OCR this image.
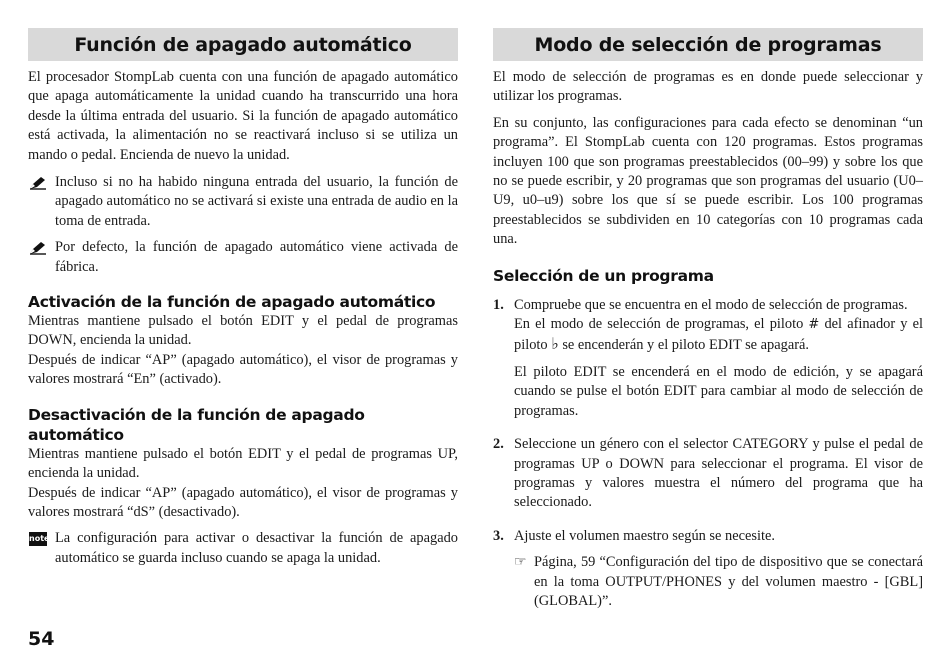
Función de apagado automático

El procesador StompLab cuenta con una función de apagado automático que apaga automáticamente la unidad cuando ha transcurrido una hora desde la última entrada del usuario. Si la función de apagado automático está activada, la alimentación no se reactivará incluso si se utiliza un mando o pedal. Encienda de nuevo la unidad.

Incluso si no ha habido ninguna entrada del usuario, la función de apagado automático no se activará si existe una entrada de audio en la toma de entrada.

Por defecto, la función de apagado automático viene activada de fábrica.

Activación de la función de apagado automático

Mientras mantiene pulsado el botón EDIT y el pedal de programas DOWN, encienda la unidad.

Después de indicar “AP” (apagado automático), el visor de programas y valores mostrará “En” (activado).

Desactivación de la función de apagado automático

Mientras mantiene pulsado el botón EDIT y el pedal de programas UP, encienda la unidad.

Después de indicar “AP” (apagado automático), el visor de programas y valores mostrará “dS” (desactivado).

note La configuración para activar o desactivar la función de apagado automático se guarda incluso cuando se apaga la unidad.

Modo de selección de programas

El modo de selección de programas es en donde puede seleccionar y utilizar los programas.

En su conjunto, las configuraciones para cada efecto se denominan “un programa”. El StompLab cuenta con 120 programas. Estos programas incluyen 100 que son programas preestablecidos (00–99) y sobre los que no se puede escribir, y 20 programas que son programas del usuario (U0–U9, u0–u9) sobre los que sí se puede escribir. Los 100 programas preestablecidos se subdividen en 10 categorías con 10 programas cada una.

Selección de un programa

1. Compruebe que se encuentra en el modo de selección de programas.

En el modo de selección de programas, el piloto # del afinador y el piloto ♭ se encenderán y el piloto EDIT se apagará.

El piloto EDIT se encenderá en el modo de edición, y se apagará cuando se pulse el botón EDIT para cambiar al modo de selección de programas.

2. Seleccione un género con el selector CATEGORY y pulse el pedal de programas UP o DOWN para seleccionar el programa. El visor de programas y valores muestra el número del programa que ha seleccionado.

3. Ajuste el volumen maestro según se necesite.

☞ Página, 59 “Configuración del tipo de dispositivo que se conectará en la toma OUTPUT/PHONES y del volumen maestro - [GBL] (GLOBAL)”.

54
